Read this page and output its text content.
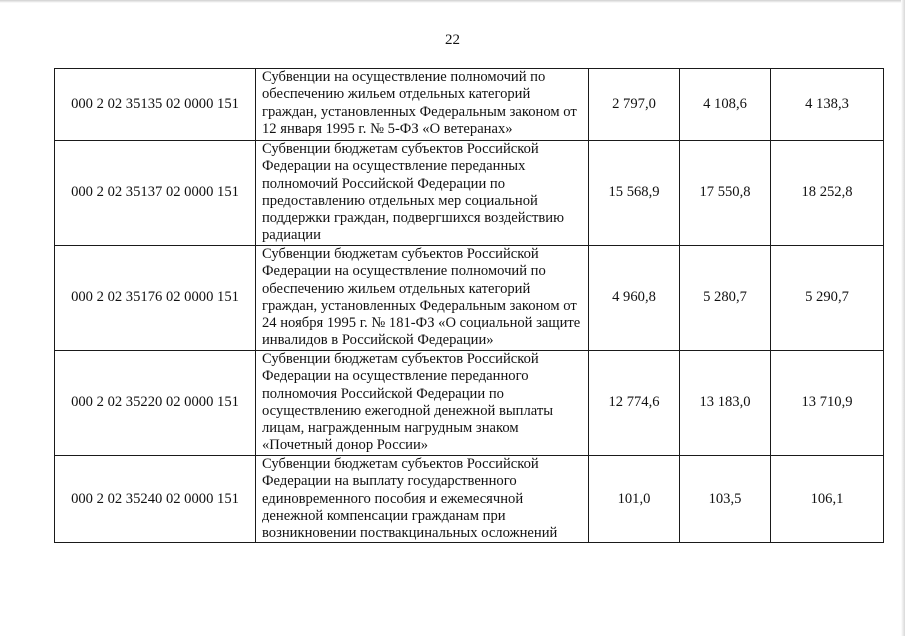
22
000 2 02 35135 02 0000 151	Субвенции на осуществление полномочий по обеспечению жильем отдельных категорий граждан, установленных Федеральным законом от 12 января 1995 г. № 5-ФЗ «О ветеранах»	2 797,0	4 108,6	4 138,3
000 2 02 35137 02 0000 151	Субвенции бюджетам субъектов Российской Федерации на осуществление переданных полномочий Российской Федерации по предоставлению отдельных мер социальной поддержки граждан, подвергшихся воздействию радиации	15 568,9	17 550,8	18 252,8
000 2 02 35176 02 0000 151	Субвенции бюджетам субъектов Российской Федерации на осуществление полномочий по обеспечению жильем отдельных категорий граждан, установленных Федеральным законом от 24 ноября 1995 г. № 181-ФЗ «О социальной защите инвалидов в Российской Федерации»	4 960,8	5 280,7	5 290,7
000 2 02 35220 02 0000 151	Субвенции бюджетам субъектов Российской Федерации на осуществление переданного полномочия Российской Федерации по осуществлению ежегодной денежной выплаты лицам, награжденным нагрудным знаком «Почетный донор России»	12 774,6	13 183,0	13 710,9
000 2 02 35240 02 0000 151	Субвенции бюджетам субъектов Российской Федерации на выплату государственного единовременного пособия и ежемесячной денежной компенсации гражданам при возникновении поствакцинальных осложнений	101,0	103,5	106,1
